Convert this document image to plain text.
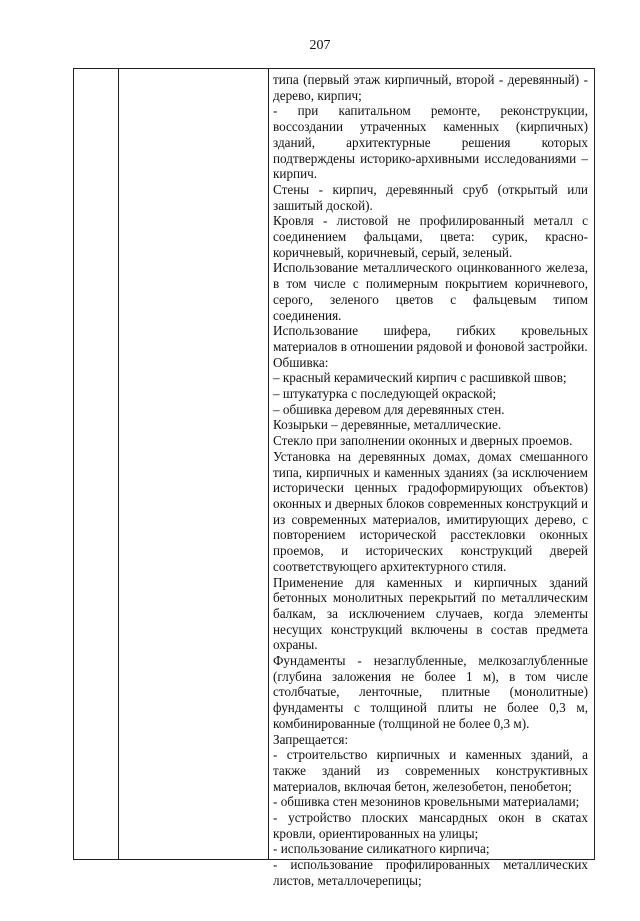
207
типа (первый этаж кирпичный, второй - деревянный) - дерево, кирпич;
- при капитальном ремонте, реконструкции, воссоздании утраченных каменных (кирпичных) зданий, архитектурные решения которых подтверждены историко-архивными исследованиями – кирпич.
Стены - кирпич, деревянный сруб (открытый или зашитый доской).
Кровля - листовой не профилированный металл с соединением фальцами, цвета: сурик, красно-коричневый, коричневый, серый, зеленый.
Использование металлического оцинкованного железа, в том числе с полимерным покрытием коричневого, серого, зеленого цветов с фальцевым типом соединения.
Использование шифера, гибких кровельных материалов в отношении рядовой и фоновой застройки.
Обшивка:
– красный керамический кирпич с расшивкой швов;
– штукатурка с последующей окраской;
– обшивка деревом для деревянных стен.
Козырьки – деревянные, металлические.
Стекло при заполнении оконных и дверных проемов.
Установка на деревянных домах, домах смешанного типа, кирпичных и каменных зданиях (за исключением исторически ценных градоформирующих объектов) оконных и дверных блоков современных конструкций и из современных материалов, имитирующих дерево, с повторением исторической расстекловки оконных проемов, и исторических конструкций дверей соответствующего архитектурного стиля.
Применение для каменных и кирпичных зданий бетонных монолитных перекрытий по металлическим балкам, за исключением случаев, когда элементы несущих конструкций включены в состав предмета охраны.
Фундаменты - незаглубленные, мелкозаглубленные (глубина заложения не более 1 м), в том числе столбчатые, ленточные, плитные (монолитные) фундаменты с толщиной плиты не более 0,3 м, комбинированные (толщиной не более 0,3 м).
Запрещается:
- строительство кирпичных и каменных зданий, а также зданий из современных конструктивных материалов, включая бетон, железобетон, пенобетон;
- обшивка стен мезонинов кровельными материалами;
- устройство плоских мансардных окон в скатах кровли, ориентированных на улицы;
- использование силикатного кирпича;
- использование профилированных металлических листов, металлочерепицы;
